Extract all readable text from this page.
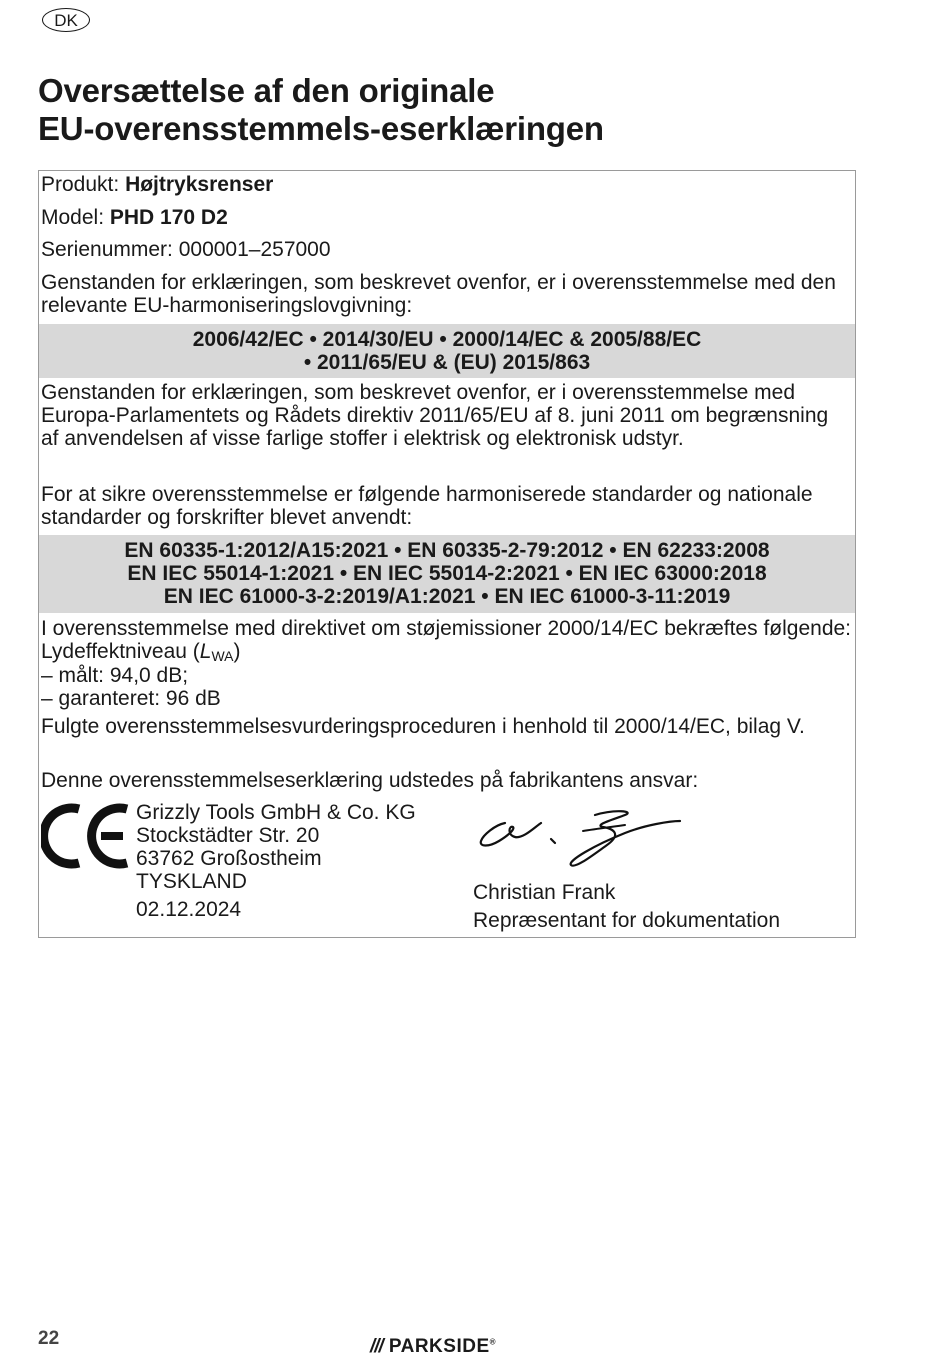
DK
Oversættelse af den originale
EU-overensstemmels-eserklæringen
Produkt: Højtryksrenser
Model: PHD 170 D2
Serienummer: 000001–257000
Genstanden for erklæringen, som beskrevet ovenfor, er i overensstemmelse med den relevante EU-harmoniseringslovgivning:
2006/42/EC • 2014/30/EU • 2000/14/EC & 2005/88/EC
• 2011/65/EU & (EU) 2015/863
Genstanden for erklæringen, som beskrevet ovenfor, er i overensstemmelse med Europa-Parlamentets og Rådets direktiv 2011/65/EU af 8. juni 2011 om begrænsning af anvendelsen af visse farlige stoffer i elektrisk og elektronisk udstyr.
For at sikre overensstemmelse er følgende harmoniserede standarder og nationale standarder og forskrifter blevet anvendt:
EN 60335-1:2012/A15:2021 • EN 60335-2-79:2012 • EN 62233:2008
EN IEC 55014-1:2021 • EN IEC 55014-2:2021 • EN IEC 63000:2018
EN IEC 61000-3-2:2019/A1:2021 • EN IEC 61000-3-11:2019
I overensstemmelse med direktivet om støjemissioner 2000/14/EC bekræftes følgende: Lydeffektniveau $(L_{WA})$
– målt: 94,0 dB;
– garanteret: 96 dB
Fulgte overensstemmelsesvurderingsproceduren i henhold til 2000/14/EC, bilag V.
Denne overensstemmelseserklæring udstedes på fabrikantens ansvar:
Grizzly Tools GmbH & Co. KG
Stockstädter Str. 20
63762 Großostheim
TYSKLAND
02.12.2024
Christian Frank
Repræsentant for dokumentation
22	/// PARKSIDE®
